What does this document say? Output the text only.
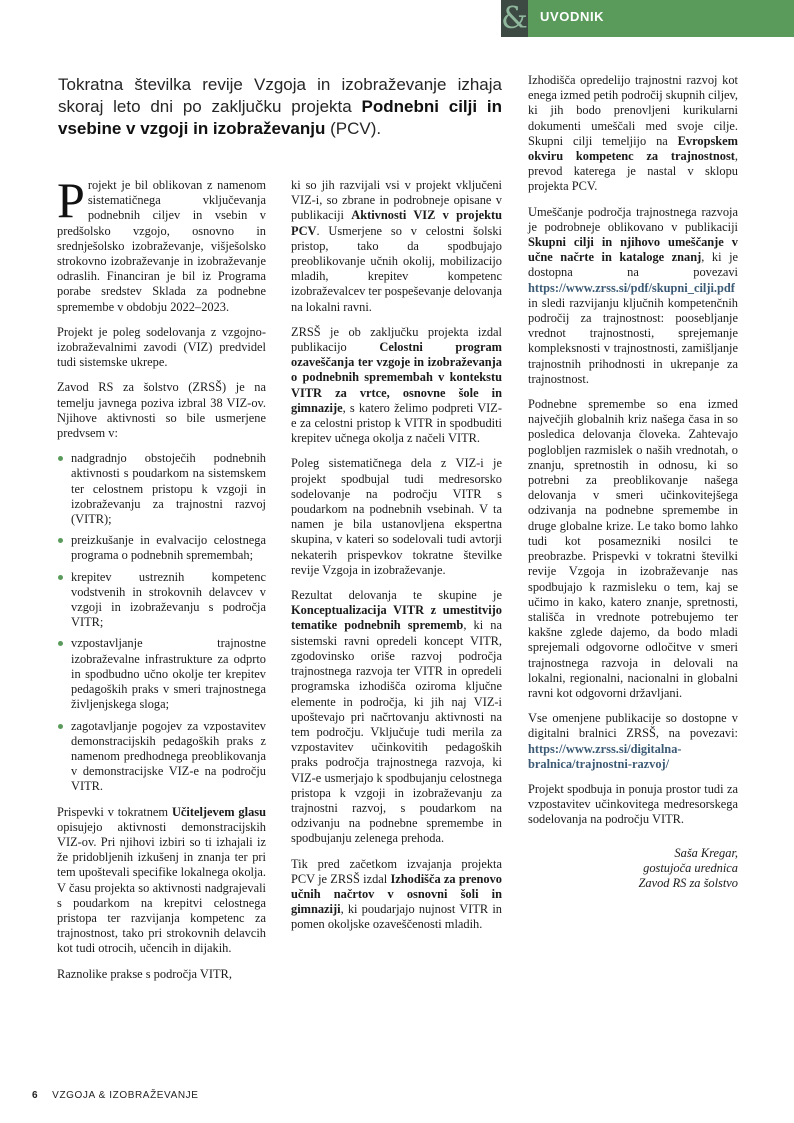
& UVODNIK
Tokratna številka revije Vzgoja in izobraževanje izhaja skoraj leto dni po zaključku projekta Podnebni cilji in vsebine v vzgoji in izobraževanju (PCV).

Projekt je bil oblikovan z namenom sistematičnega vključevanja podnebnih ciljev in vsebin v predšolsko vzgojo, osnovno in srednješolsko izobraževanje, višješolsko strokovno izobraževanje in izobraževanje odraslih. Financiran je bil iz Programa porabe sredstev Sklada za podnebne spremembe v obdobju 2022–2023.

Projekt je poleg sodelovanja z vzgojno-izobraževalnimi zavodi (VIZ) predvidel tudi sistemske ukrepe.

Zavod RS za šolstvo (ZRSŠ) je na temelju javnega poziva izbral 38 VIZ-ov. Njihove aktivnosti so bile usmerjene predvsem v:

nadgradnjo obstoječih podnebnih aktivnosti s poudarkom na sistemskem ter celostnem pristopu k vzgoji in izobraževanju za trajnostni razvoj (VITR);
preizkušanje in evalvacijo celostnega programa o podnebnih spremembah;
krepitev ustreznih kompetenc vodstvenih in strokovnih delavcev v vzgoji in izobraževanju s področja VITR;
vzpostavljanje trajnostne izobraževalne infrastrukture za odprto in spodbudno učno okolje ter krepitev pedagoških praks v smeri trajnostnega življenjskega sloga;
zagotavljanje pogojev za vzpostavitev demonstracijskih pedagoških praks z namenom predhodnega preoblikovanja v demonstracijske VIZ-e na področju VITR.

Prispevki v tokratnem Učiteljevem glasu opisujejo aktivnosti demonstracijskih VIZ-ov. Pri njihovi izbiri so ti izhajali iz že pridobljenih izkušenj in znanja ter pri tem upoštevali specifike lokalnega okolja. V času projekta so aktivnosti nadgrajevali s poudarkom na krepitvi celostnega pristopa ter razvijanja kompetenc za trajnostnost, tako pri strokovnih delavcih kot tudi otrocih, učencih in dijakih.

Raznolike prakse s področja VITR,

ki so jih razvijali vsi v projekt vključeni VIZ-i, so zbrane in podrobneje opisane v publikaciji Aktivnosti VIZ v projektu PCV. Usmerjene so v celostni šolski pristop, tako da spodbujajo preoblikovanje učnih okolij, mobilizacijo mladih, krepitev kompetenc izobraževalcev ter pospeševanje delovanja na lokalni ravni.

ZRSŠ je ob zaključku projekta izdal publikacijo Celostni program ozaveščanja ter vzgoje in izobraževanja o podnebnih spremembah v kontekstu VITR za vrtce, osnovne šole in gimnazije, s katero želimo podpreti VIZ-e za celostni pristop k VITR in spodbuditi krepitev učnega okolja z načeli VITR.

Poleg sistematičnega dela z VIZ-i je projekt spodbujal tudi medresorsko sodelovanje na področju VITR s poudarkom na podnebnih vsebinah. V ta namen je bila ustanovljena ekspertna skupina, v kateri so sodelovali tudi avtorji nekaterih prispevkov tokratne številke revije Vzgoja in izobraževanje.

Rezultat delovanja te skupine je Konceptualizacija VITR z umestitvijo tematike podnebnih sprememb, ki na sistemski ravni opredeli koncept VITR, zgodovinsko oriše razvoj področja trajnostnega razvoja ter VITR in opredeli programska izhodišča oziroma ključne elemente in področja, ki jih naj VIZ-i upoštevajo pri načrtovanju aktivnosti na tem področju. Vključuje tudi merila za vzpostavitev učinkovitih pedagoških praks področja trajnostnega razvoja, ki VIZ-e usmerjajo k spodbujanju celostnega pristopa k vzgoji in izobraževanju za trajnostni razvoj, s poudarkom na odzivanju na podnebne spremembe in spodbujanju zelenega prehoda.

Tik pred začetkom izvajanja projekta PCV je ZRSŠ izdal Izhodišča za prenovo učnih načrtov v osnovni šoli in gimnaziji, ki poudarjajo nujnost VITR in pomen okoljske ozaveščenosti mladih.

Izhodišča opredelijo trajnostni razvoj kot enega izmed petih področij skupnih ciljev, ki jih bodo prenovljeni kurikularni dokumenti umeščali med svoje cilje. Skupni cilji temeljijo na Evropskem okviru kompetenc za trajnostnost, prevod katerega je nastal v sklopu projekta PCV.

Umeščanje področja trajnostnega razvoja je podrobneje oblikovano v publikaciji Skupni cilji in njihovo umeščanje v učne načrte in kataloge znanj, ki je dostopna na povezavi https://www.zrss.si/pdf/skupni_cilji.pdf in sledi razvijanju ključnih kompetenčnih področij za trajnostnost: poosebljanje vrednot trajnostnosti, sprejemanje kompleksnosti v trajnostnosti, zamišljanje trajnostnih prihodnosti in ukrepanje za trajnostnost.

Podnebne spremembe so ena izmed največjih globalnih kriz našega časa in so posledica delovanja človeka. Zahtevajo poglobljen razmislek o naših vrednotah, o znanju, spretnostih in odnosu, ki so potrebni za preoblikovanje našega delovanja v smeri učinkovitejšega odzivanja na podnebne spremembe in druge globalne krize. Le tako bomo lahko tudi kot posamezniki nosilci te preobrazbe. Prispevki v tokratni številki revije Vzgoja in izobraževanje nas spodbujajo k razmisleku o tem, kaj se učimo in kako, katero znanje, spretnosti, stališča in vrednote potrebujemo ter kakšne zglede dajemo, da bodo mladi sprejemali odgovorne odločitve v smeri trajnostnega razvoja in delovali na lokalni, regionalni, nacionalni in globalni ravni kot odgovorni državljani.

Vse omenjene publikacije so dostopne v digitalni bralnici ZRSŠ, na povezavi: https://www.zrss.si/digitalna-bralnica/trajnostni-razvoj/

Projekt spodbuja in ponuja prostor tudi za vzpostavitev učinkovitega medresorskega sodelovanja na področju VITR.

Saša Kregar,
gostujoča urednica
Zavod RS za šolstvo
6 VZGOJA & IZOBRAŽEVANJE
